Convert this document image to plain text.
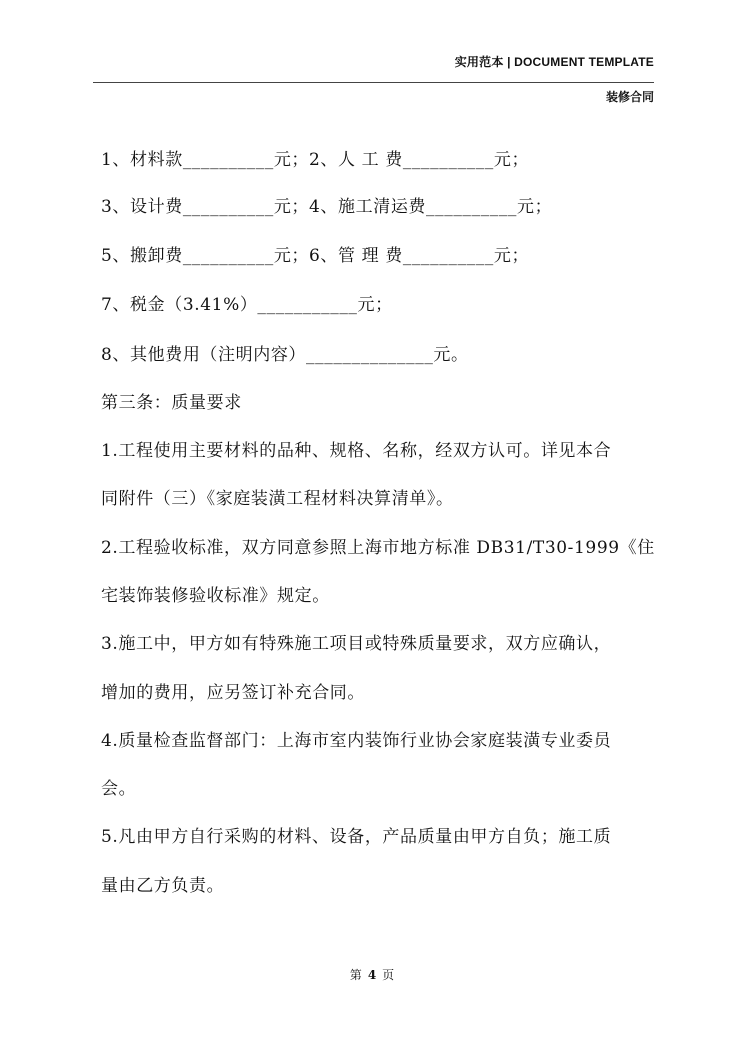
实用范本 | DOCUMENT TEMPLATE
装修合同
1、材料款__________元；2、人 工 费__________元；
3、设计费__________元；4、施工清运费__________元；
5、搬卸费__________元；6、管 理 费__________元；
7、税金（3.41%）___________元；
8、其他费用（注明内容）______________元。
第三条：质量要求
1.工程使用主要材料的品种、规格、名称，经双方认可。详见本合
同附件（三）《家庭装潢工程材料决算清单》。
2.工程验收标准，双方同意参照上海市地方标准 DB31/T30-1999《住
宅装饰装修验收标准》规定。
3.施工中，甲方如有特殊施工项目或特殊质量要求，双方应确认，
增加的费用，应另签订补充合同。
4.质量检查监督部门：上海市室内装饰行业协会家庭装潢专业委员
会。
5.凡由甲方自行采购的材料、设备，产品质量由甲方自负；施工质
量由乙方负责。
第 4 页
